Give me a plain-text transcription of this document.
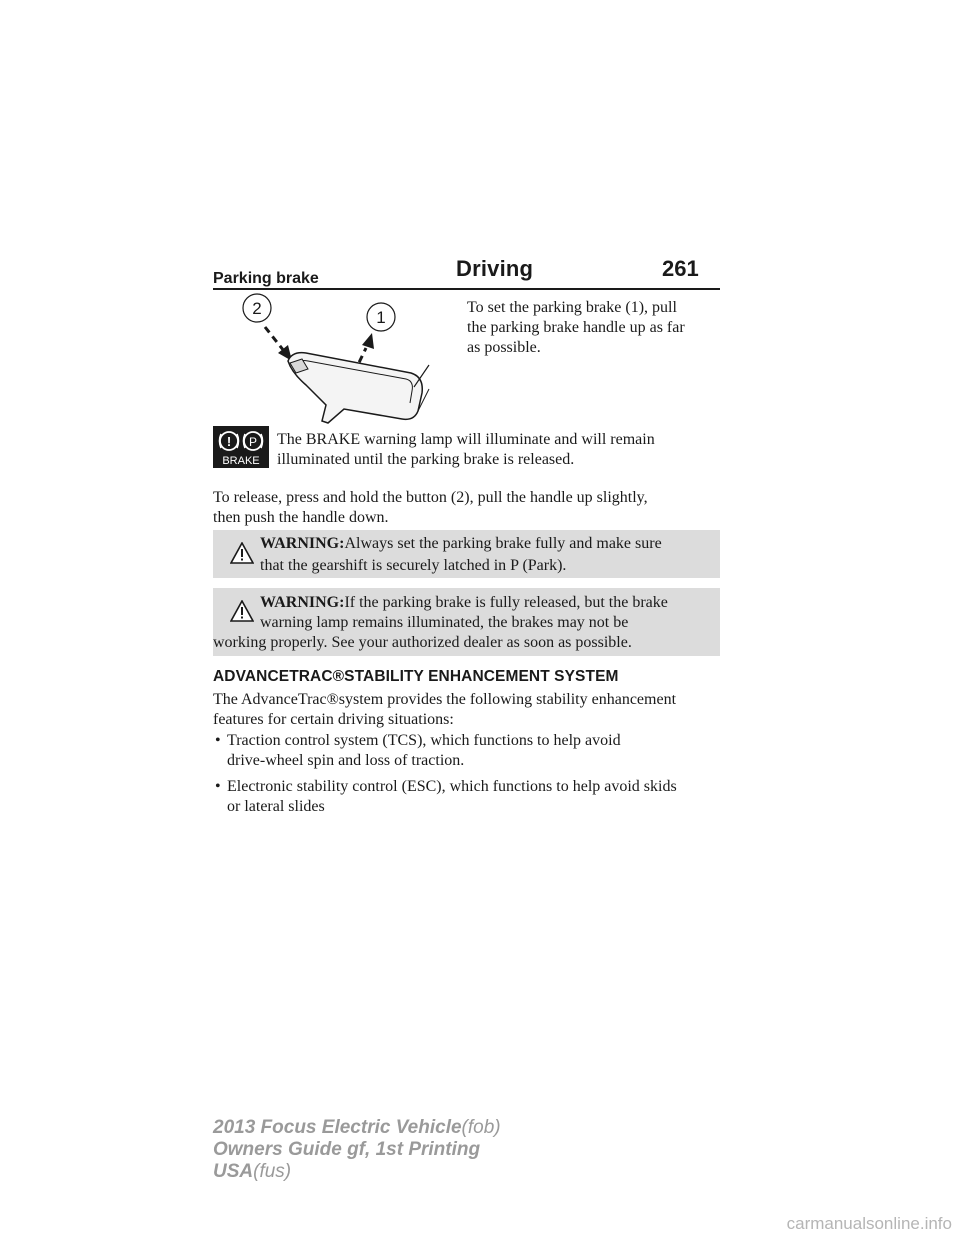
Driving	261
Parking brake
2	1
To set the parking brake (1), pull
the parking brake handle up as far
as possible.
! P
BRAKE
The BRAKE warning lamp will illuminate and will remain
illuminated until the parking brake is released.
To release, press and hold the button (2), pull the handle up slightly,
then push the handle down.
WARNING:Always set the parking brake fully and make sure
that the gearshift is securely latched in P (Park).
WARNING:If the parking brake is fully released, but the brake
warning lamp remains illuminated, the brakes may not be
working properly. See your authorized dealer as soon as possible.
ADVANCETRAC®STABILITY ENHANCEMENT SYSTEM
The AdvanceTrac®system provides the following stability enhancement
features for certain driving situations:
• Traction control system (TCS), which functions to help avoid
drive-wheel spin and loss of traction.
• Electronic stability control (ESC), which functions to help avoid skids
or lateral slides
2013 Focus Electric Vehicle(fob)
Owners Guide gf, 1st Printing
USA(fus)
carmanualsonline.info
